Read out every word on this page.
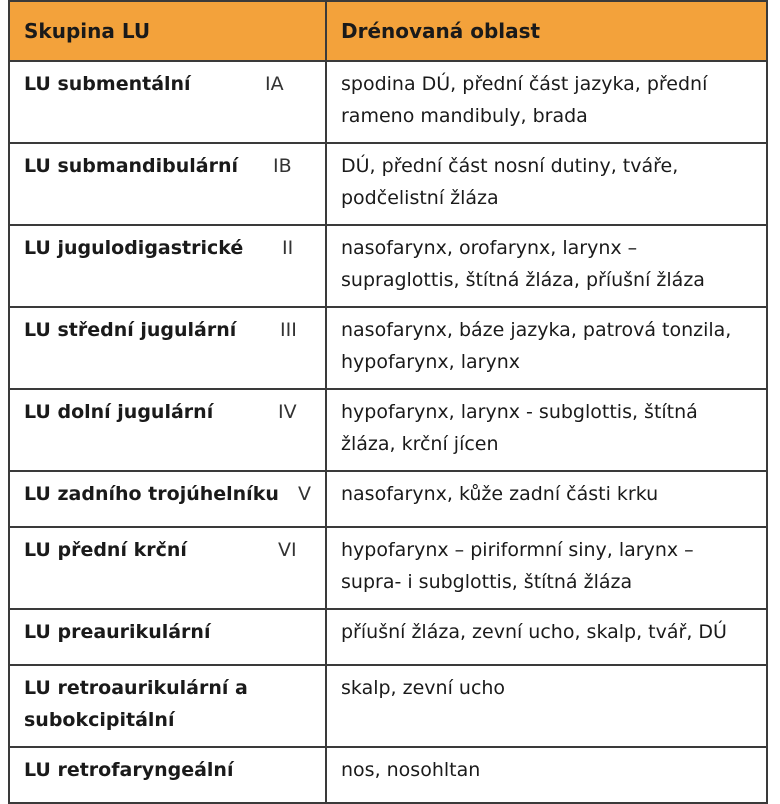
Skupina LU	Drénovaná oblast
LU submentální IA	spodina DÚ, přední část jazyka, přední rameno mandibuly, brada
LU submandibulární IB	DÚ, přední část nosní dutiny, tváře, podčelistní žláza
LU jugulodigastrické II	nasofarynx, orofarynx, larynx – supraglottis, štítná žláza, příušní žláza
LU střední jugulární III	nasofarynx, báze jazyka, patrová tonzila, hypofarynx, larynx
LU dolní jugulární IV	hypofarynx, larynx - subglottis, štítná žláza, krční jícen
LU zadního trojúhelníku V	nasofarynx, kůže zadní části krku
LU přední krční VI	hypofarynx – piriformní siny, larynx – supra- i subglottis, štítná žláza
LU preaurikulární	příušní žláza, zevní ucho, skalp, tvář, DÚ
LU retroaurikulární a subokcipitální	skalp, zevní ucho
LU retrofaryngeální	nos, nosohltan
